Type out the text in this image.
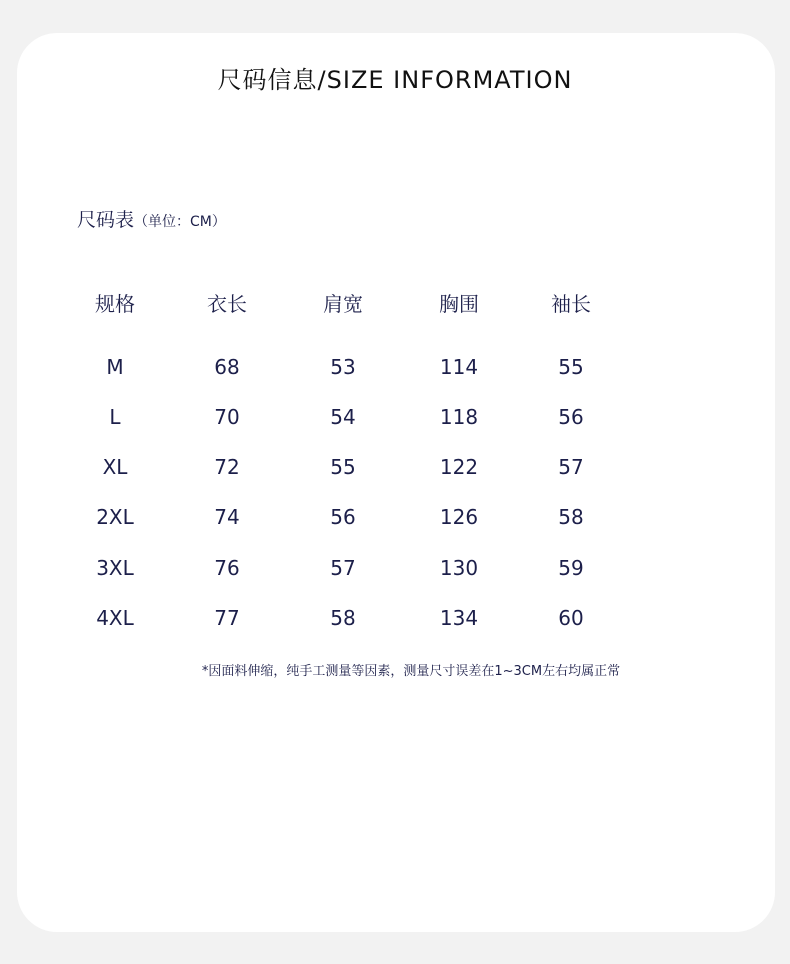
尺码信息/SIZE INFORMATION
尺码表（单位：CM）
规格	衣长	肩宽	胸围	袖长
M	68	53	114	55
L	70	54	118	56
XL	72	55	122	57
2XL	74	56	126	58
3XL	76	57	130	59
4XL	77	58	134	60
*因面料伸缩，纯手工测量等因素，测量尺寸误差在1~3CM左右均属正常
